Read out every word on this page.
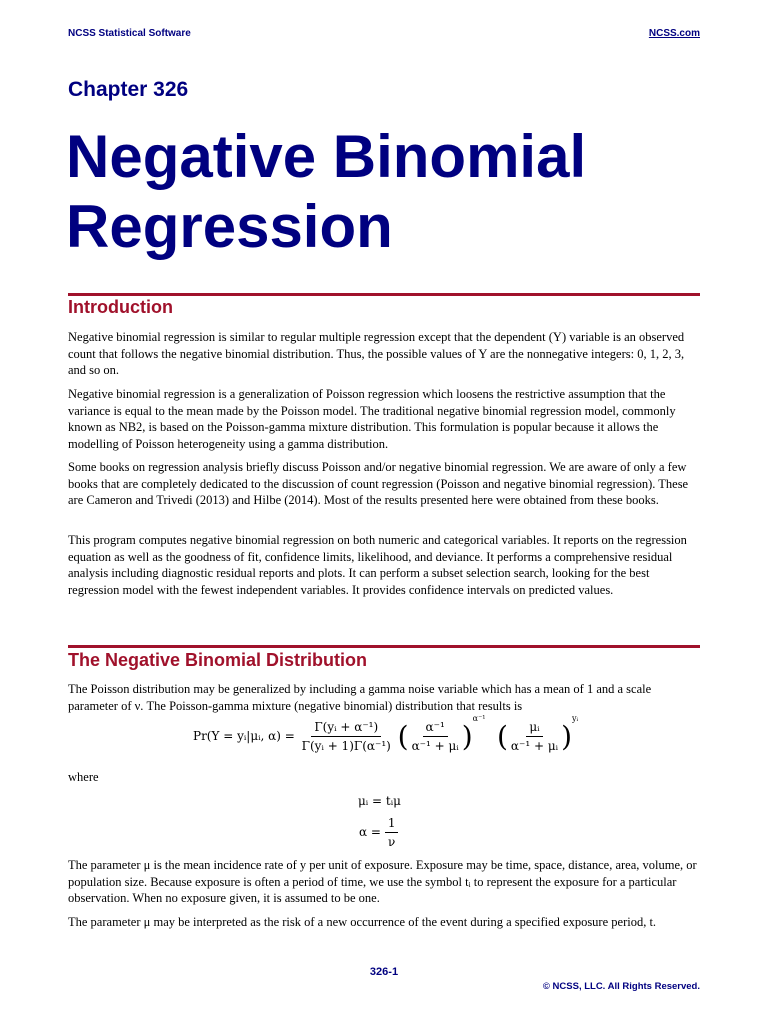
NCSS Statistical Software	NCSS.com
Chapter 326
Negative Binomial
Regression
Introduction

Negative binomial regression is similar to regular multiple regression except that the dependent (Y) variable is an observed count that follows the negative binomial distribution. Thus, the possible values of Y are the nonnegative integers: 0, 1, 2, 3, and so on.

Negative binomial regression is a generalization of Poisson regression which loosens the restrictive assumption that the variance is equal to the mean made by the Poisson model. The traditional negative binomial regression model, commonly known as NB2, is based on the Poisson-gamma mixture distribution. This formulation is popular because it allows the modelling of Poisson heterogeneity using a gamma distribution.

Some books on regression analysis briefly discuss Poisson and/or negative binomial regression. We are aware of only a few books that are completely dedicated to the discussion of count regression (Poisson and negative binomial regression). These are Cameron and Trivedi (2013) and Hilbe (2014). Most of the results presented here were obtained from these books.

This program computes negative binomial regression on both numeric and categorical variables. It reports on the regression equation as well as the goodness of fit, confidence limits, likelihood, and deviance. It performs a comprehensive residual analysis including diagnostic residual reports and plots. It can perform a subset selection search, looking for the best regression model with the fewest independent variables. It provides confidence intervals on predicted values.

The Negative Binomial Distribution

The Poisson distribution may be generalized by including a gamma noise variable which has a mean of 1 and a scale parameter of ν. The Poisson-gamma mixture (negative binomial) distribution that results is

Pr(Y = yᵢ|μᵢ, $\alpha) = \frac{\text{Γ(yᵢ + α⁻¹)}}{\text{Γ(yᵢ + 1)Γ(α⁻¹)}}$ ( $\frac{\text{α⁻¹}}{\text{α⁻¹ + μᵢ}} )^{\alpha^{-1}}$   ( $\frac{\text{μᵢ}}{\text{α⁻¹ + μᵢ}} )^{yᵢ}$

where

μᵢ = tᵢμ
$\alpha = \frac{1}{\nu}$

The parameter μ is the mean incidence rate of y per unit of exposure. Exposure may be time, space, distance, area, volume, or population size. Because exposure is often a period of time, we use the symbol tᵢ to represent the exposure for a particular observation. When no exposure given, it is assumed to be one.

The parameter μ may be interpreted as the risk of a new occurrence of the event during a specified exposure period, t.

326-1
© NCSS, LLC. All Rights Reserved.
